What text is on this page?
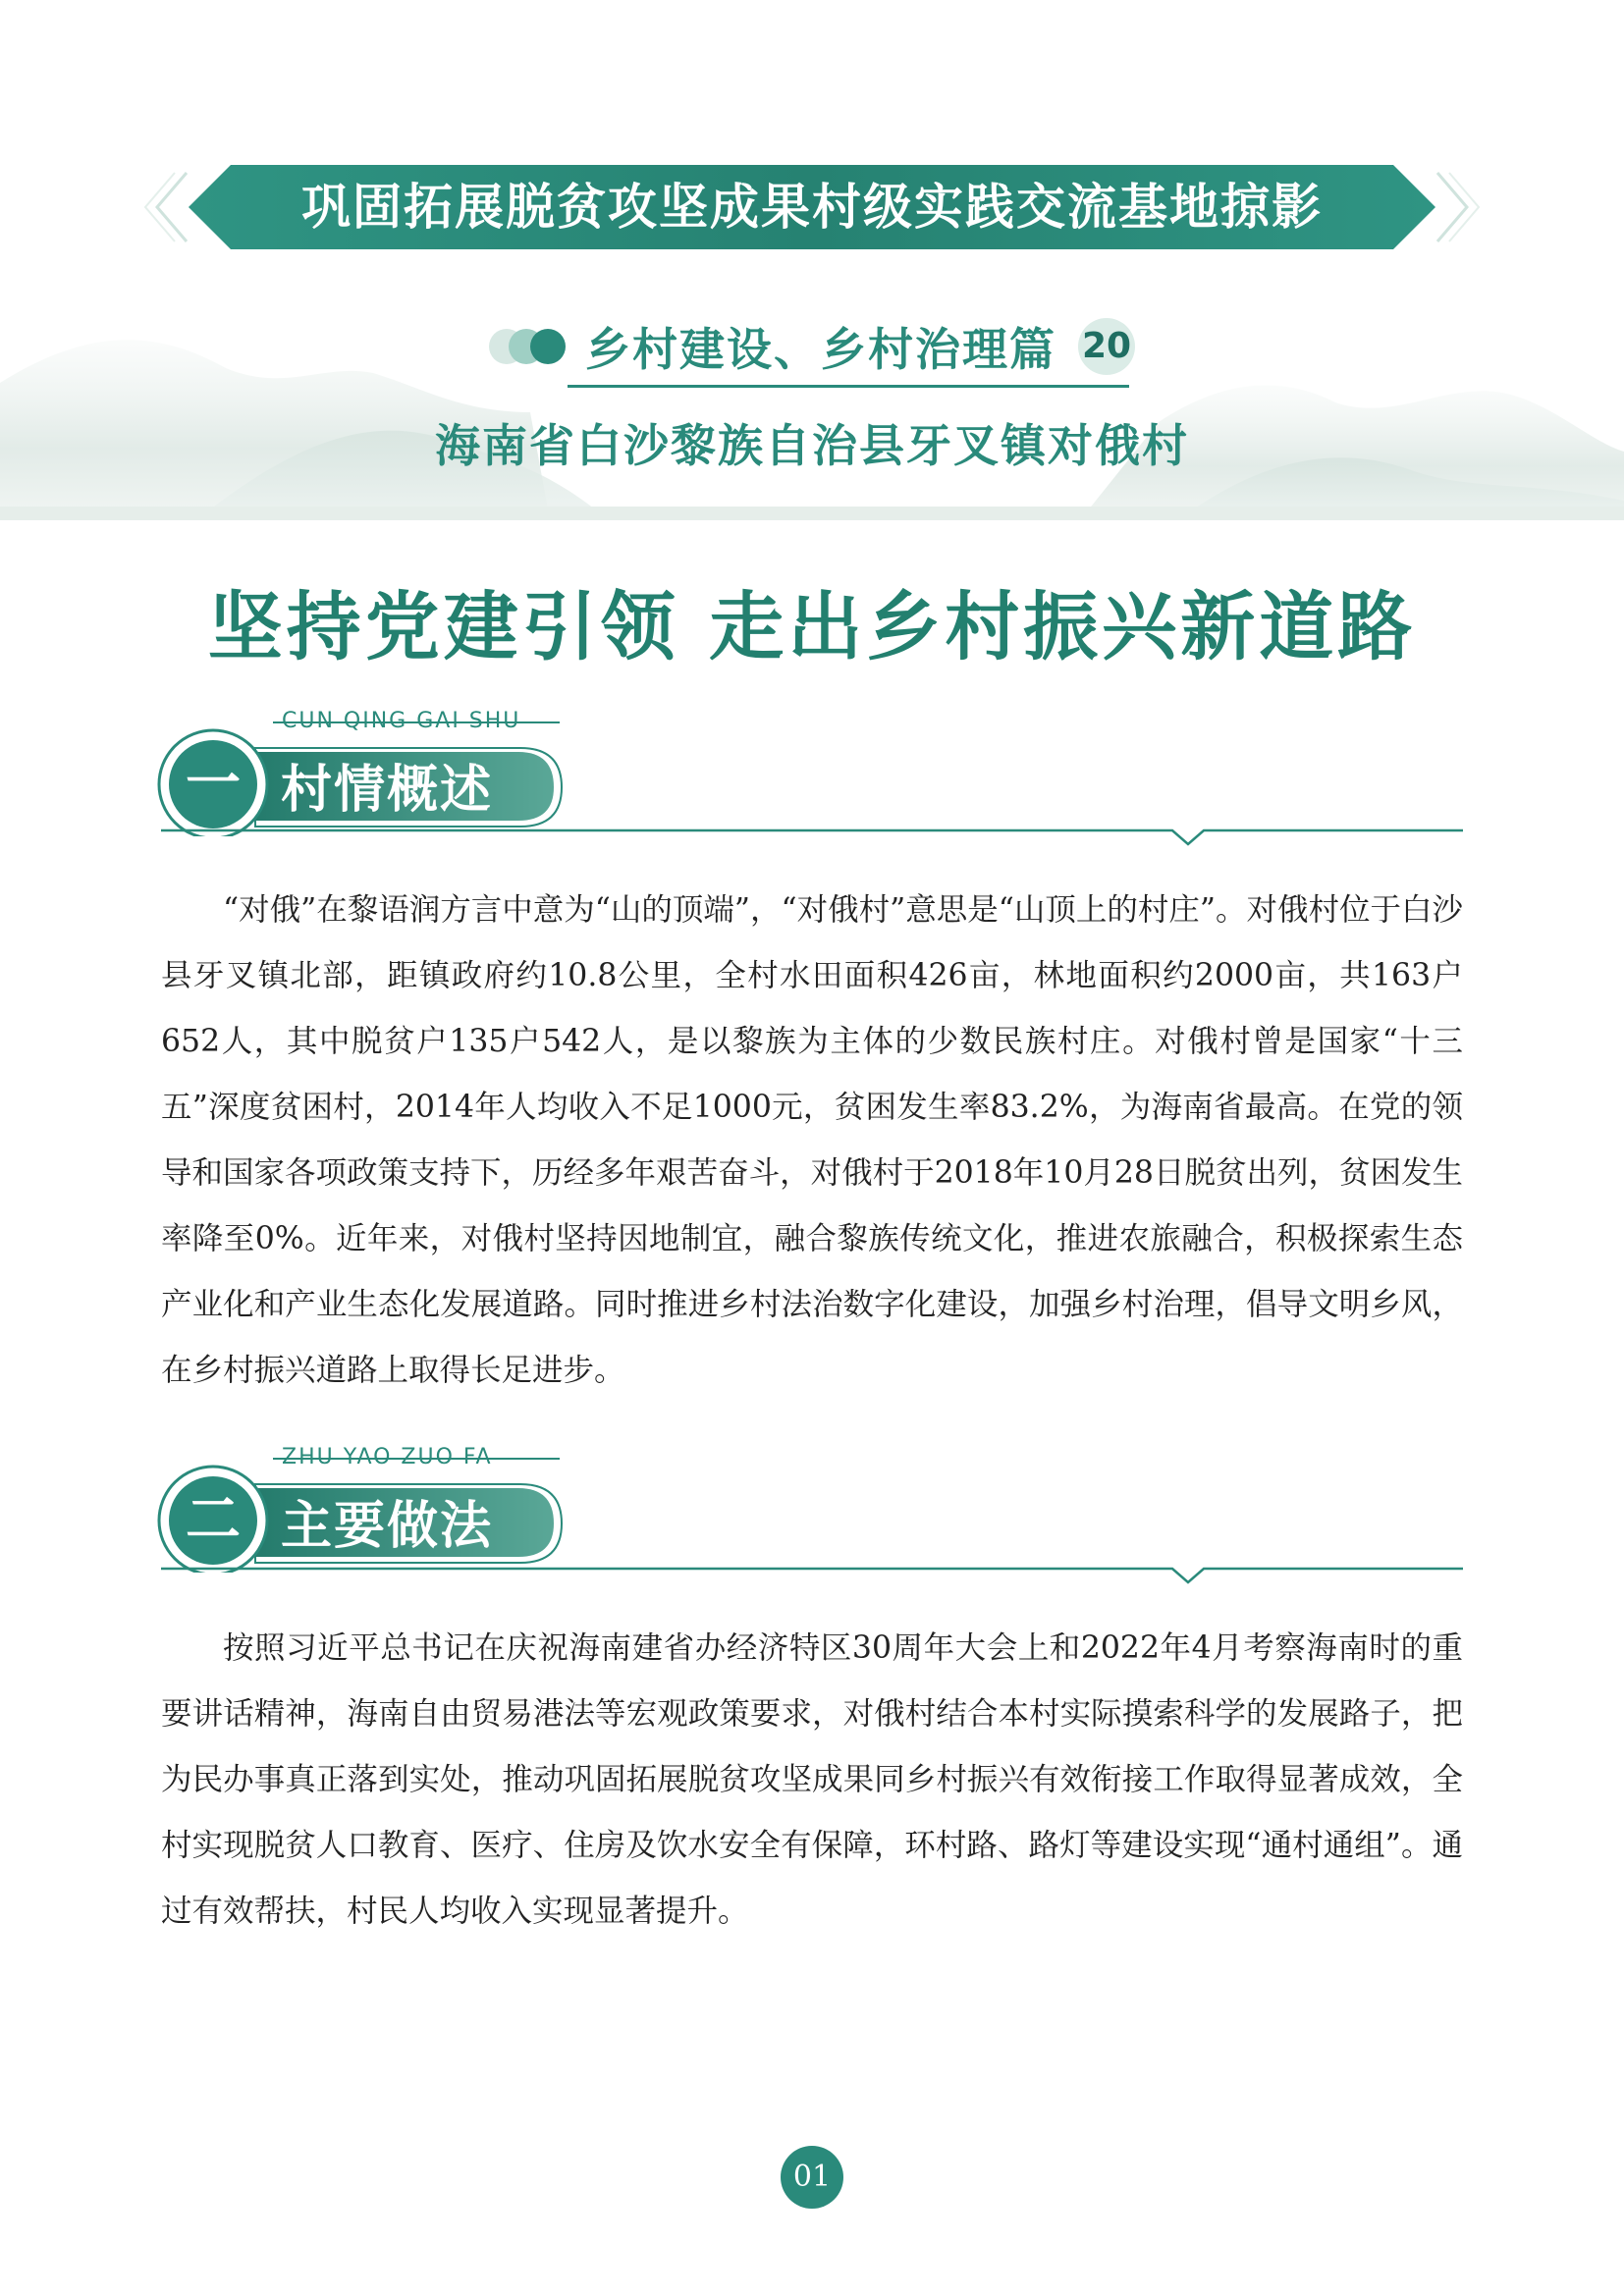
巩固拓展脱贫攻坚成果村级实践交流基地掠影
乡村建设、乡村治理篇 20
海南省白沙黎族自治县牙叉镇对俄村
坚持党建引领 走出乡村振兴新道路
CUN QING GAI SHU
一 村情概述

“对俄”在黎语润方言中意为“山的顶端”，“对俄村”意思是“山顶上的村庄”。对俄村位于白沙县牙叉镇北部，距镇政府约10.8公里，全村水田面积426亩，林地面积约2000亩，共163户652人，其中脱贫户135户542人，是以黎族为主体的少数民族村庄。对俄村曾是国家“十三五”深度贫困村，2014年人均收入不足1000元，贫困发生率83.2%，为海南省最高。在党的领导和国家各项政策支持下，历经多年艰苦奋斗，对俄村于2018年10月28日脱贫出列，贫困发生率降至0%。近年来，对俄村坚持因地制宜，融合黎族传统文化，推进农旅融合，积极探索生态产业化和产业生态化发展道路。同时推进乡村法治数字化建设，加强乡村治理，倡导文明乡风，在乡村振兴道路上取得长足进步。

ZHU YAO ZUO FA
二 主要做法

按照习近平总书记在庆祝海南建省办经济特区30周年大会上和2022年4月考察海南时的重要讲话精神，海南自由贸易港法等宏观政策要求，对俄村结合本村实际摸索科学的发展路子，把为民办事真正落到实处，推动巩固拓展脱贫攻坚成果同乡村振兴有效衔接工作取得显著成效，全村实现脱贫人口教育、医疗、住房及饮水安全有保障，环村路、路灯等建设实现“通村通组”。通过有效帮扶，村民人均收入实现显著提升。

01
